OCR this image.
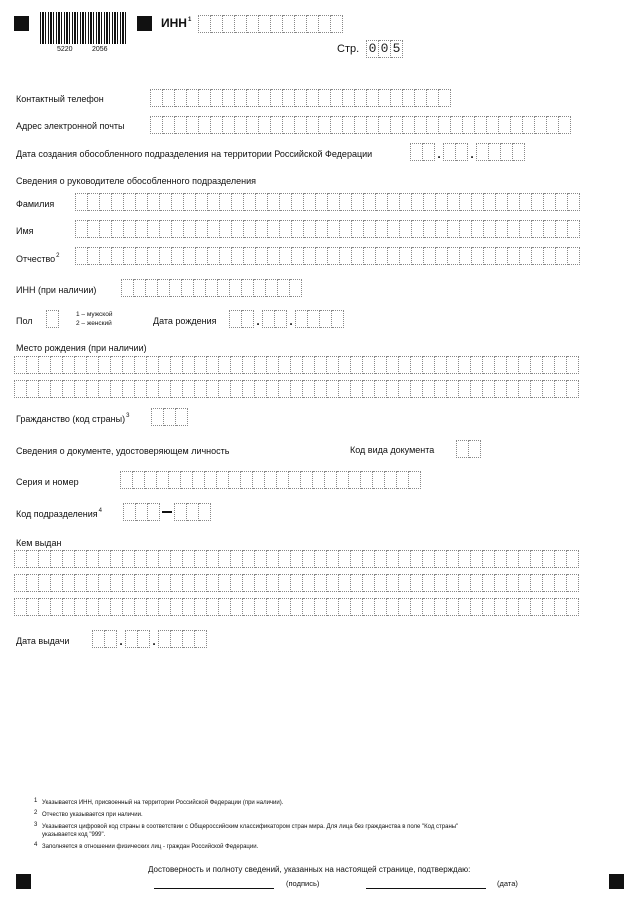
5220	2056
ИНН$^1$
Стр. 0 0 5
Контактный телефон
Адрес электронной почты
Дата создания обособленного подразделения на территории Российской Федерации	. .
Сведения о руководителе обособленного подразделения
Фамилия
Имя
Отчество$^2$
ИНН (при наличии)
Пол
1 – мужской
2 – женский	Дата рождения	. .
Место рождения (при наличии)
Гражданство (код страны)$^3$
Сведения о документе, удостоверяющем личность	Код вида документа
Серия и номер
Код подразделения$^4$
Кем выдан
Дата выдачи	. .
1 Указывается ИНН, присвоенный на территории Российской Федерации (при наличии).
2 Отчество указывается при наличии.
3 Указывается цифровой код страны в соответствии с Общероссийским классификатором стран мира. Для лица без гражданства в поле "Код страны"
указывается код "999".
4 Заполняется в отношении физических лиц - граждан Российской Федерации.
Достоверность и полноту сведений, указанных на настоящей странице, подтверждаю:
(подпись)	(дата)
